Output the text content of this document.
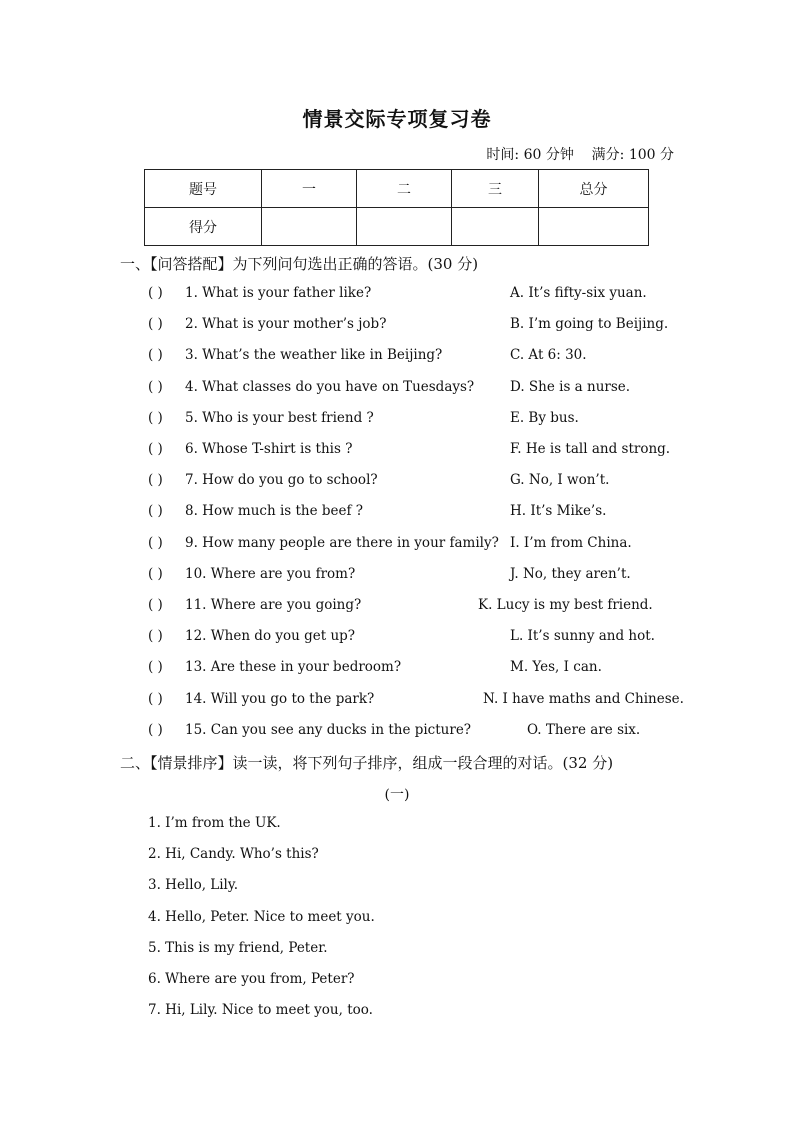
情景交际专项复习卷
时间: 60 分钟    满分: 100 分
题号	一	二	三	总分
得分				
一、【问答搭配】为下列问句选出正确的答语。(30 分)
( ) 1. What is your father like?	A. It’s fifty-six yuan.
( ) 2. What is your mother’s job?	B. I’m going to Beijing.
( ) 3. What’s the weather like in Beijing?	C. At 6: 30.
( ) 4. What classes do you have on Tuesdays?	D. She is a nurse.
( ) 5. Who is your best friend ?	E. By bus.
( ) 6. Whose T-shirt is this ?	F. He is tall and strong.
( ) 7. How do you go to school?	G. No, I won’t.
( ) 8. How much is the beef ?	H. It’s Mike’s.
( ) 9. How many people are there in your family? I. I’m from China.
( ) 10. Where are you from?	J. No, they aren’t.
( ) 11. Where are you going?	K. Lucy is my best friend.
( ) 12. When do you get up?	L. It’s sunny and hot.
( ) 13. Are these in your bedroom?	M. Yes, I can.
( ) 14. Will you go to the park?	N. I have maths and Chinese.
( ) 15. Can you see any ducks in the picture?	O. There are six.
二、【情景排序】读一读，将下列句子排序，组成一段合理的对话。(32 分)
(一)
1. I’m from the UK.
2. Hi, Candy. Who’s this?
3. Hello, Lily.
4. Hello, Peter. Nice to meet you.
5. This is my friend, Peter.
6. Where are you from, Peter?
7. Hi, Lily. Nice to meet you, too.
